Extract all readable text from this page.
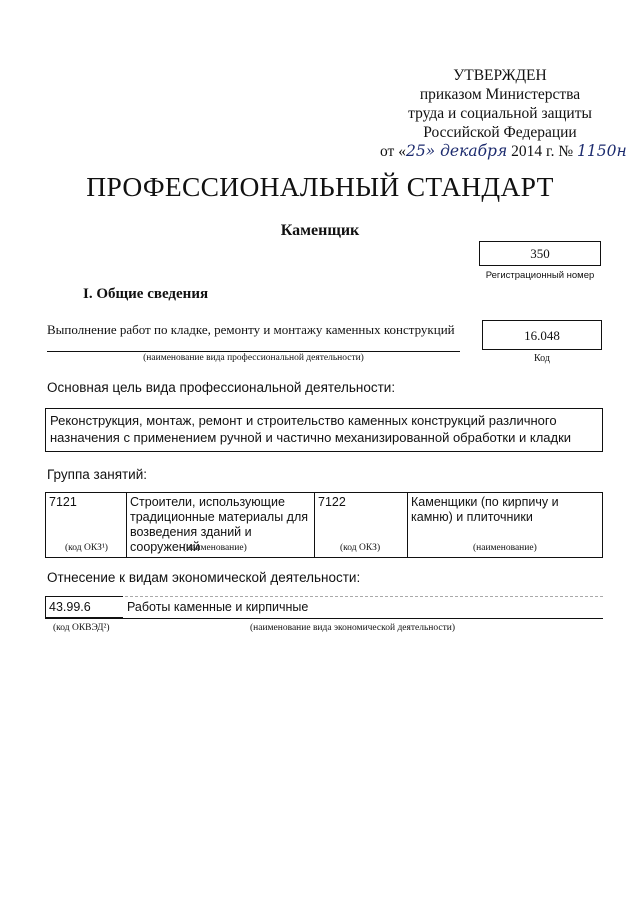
УТВЕРЖДЕН
приказом Министерства
труда и социальной защиты
Российской Федерации
от «25» декабря 2014 г. № 1150н
ПРОФЕССИОНАЛЬНЫЙ СТАНДАРТ
Каменщик
350
Регистрационный номер
I. Общие сведения
Выполнение работ по кладке, ремонту и монтажу каменных конструкций
(наименование вида профессиональной деятельности)
16.048
Код
Основная цель вида профессиональной деятельности:
Реконструкция, монтаж, ремонт и строительство каменных конструкций различного назначения с применением ручной и частично механизированной обработки и кладки
Группа занятий:
7121	Строители, использующие традиционные материалы для возведения зданий и сооружений	7122	Каменщики (по кирпичу и камню) и плиточники
(код ОКЗ¹)	(наименование)	(код ОКЗ)	(наименование)
Отнесение к видам экономической деятельности:
43.99.6	Работы каменные и кирпичные
(код ОКВЭД²)	(наименование вида экономической деятельности)
